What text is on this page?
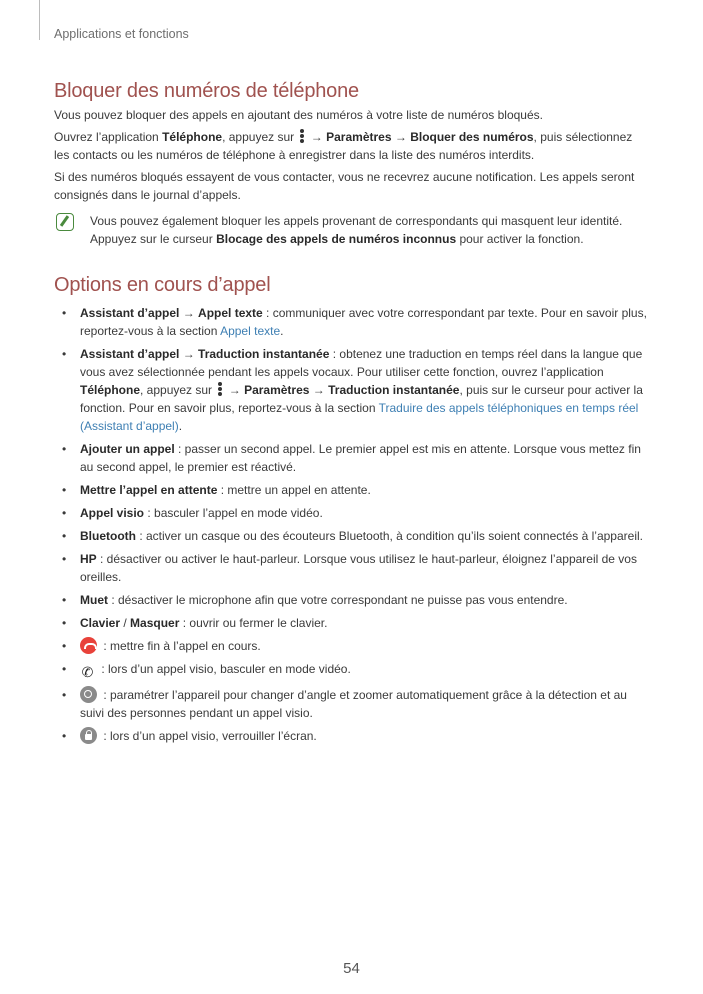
Applications et fonctions
Bloquer des numéros de téléphone

Vous pouvez bloquer des appels en ajoutant des numéros à votre liste de numéros bloqués.

Ouvrez l’application Téléphone, appuyez sur
→ Paramètres → Bloquer des numéros, puis sélectionnez les contacts ou les numéros de téléphone à enregistrer dans la liste des numéros interdits.

Si des numéros bloqués essayent de vous contacter, vous ne recevrez aucune notification. Les appels seront consignés dans le journal d’appels.

Vous pouvez également bloquer les appels provenant de correspondants qui masquent leur identité. Appuyez sur le curseur Blocage des appels de numéros inconnus pour activer la fonction.
Options en cours d’appel
• Assistant d’appel → Appel texte : communiquer avec votre correspondant par texte. Pour en savoir plus, reportez-vous à la section Appel texte.
• Assistant d’appel → Traduction instantanée : obtenez une traduction en temps réel dans la langue que vous avez sélectionnée pendant les appels vocaux. Pour utiliser cette fonction, ouvrez l’application Téléphone, appuyez sur
→ Paramètres → Traduction instantanée, puis sur le curseur pour activer la fonction. Pour en savoir plus, reportez-vous à la section Traduire des appels téléphoniques en temps réel (Assistant d’appel).
• Ajouter un appel : passer un second appel. Le premier appel est mis en attente. Lorsque vous mettez fin au second appel, le premier est réactivé.
• Mettre l’appel en attente : mettre un appel en attente.
• Appel visio : basculer l’appel en mode vidéo.
• Bluetooth : activer un casque ou des écouteurs Bluetooth, à condition qu’ils soient connectés à l’appareil.
• HP : désactiver ou activer le haut-parleur. Lorsque vous utilisez le haut-parleur, éloignez l’appareil de vos oreilles.
• Muet : désactiver le microphone afin que votre correspondant ne puisse pas vous entendre.
• Clavier / Masquer : ouvrir ou fermer le clavier.
• : mettre fin à l’appel en cours.
• ✆ : lors d’un appel visio, basculer en mode vidéo.
• : paramétrer l’appareil pour changer d’angle et zoomer automatiquement grâce à la détection et au suivi des personnes pendant un appel visio.
• : lors d’un appel visio, verrouiller l’écran.
54
